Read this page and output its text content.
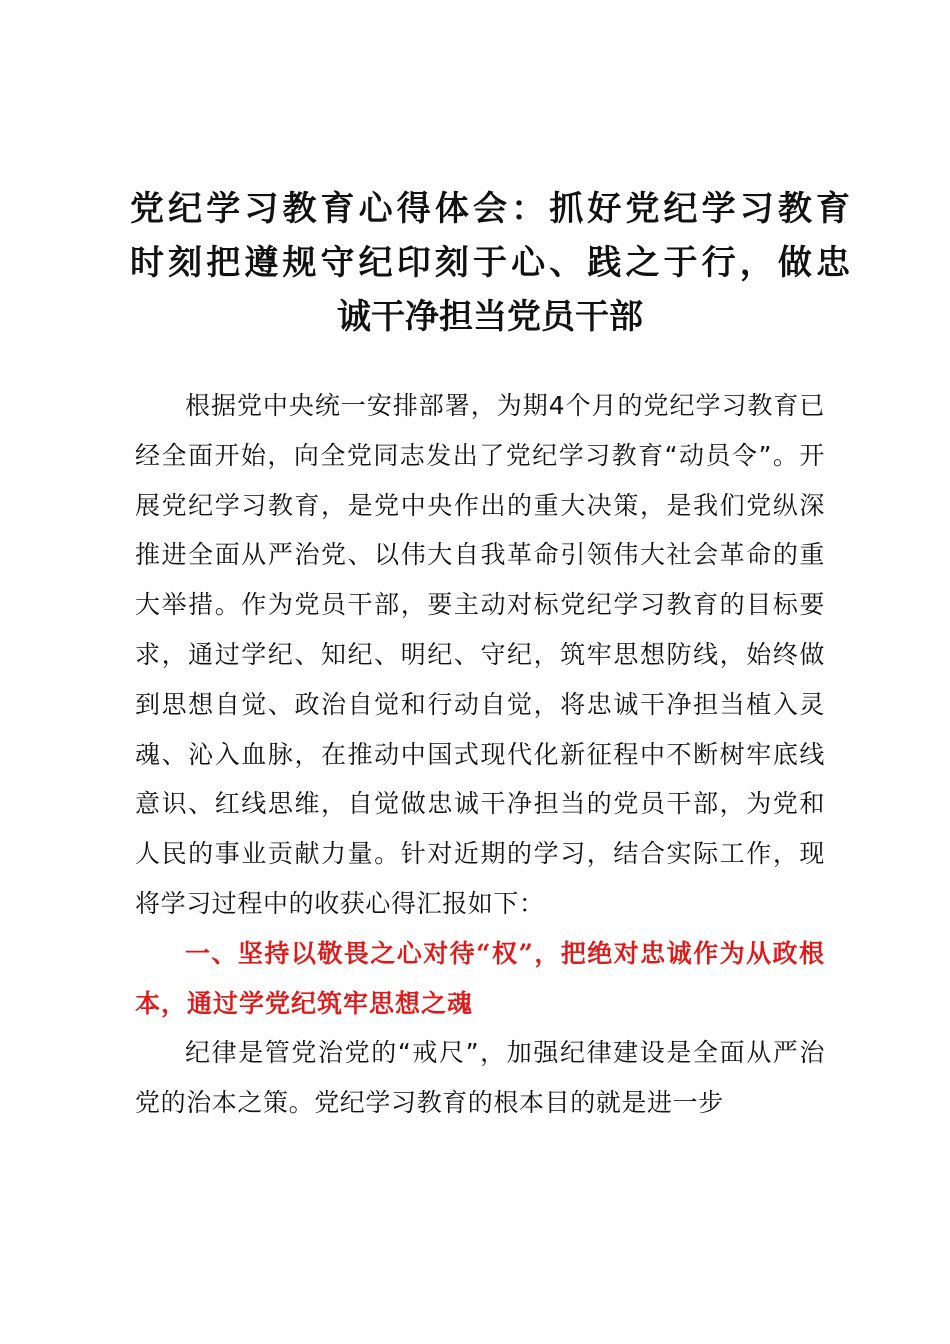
党纪学习教育心得体会：抓好党纪学习教育
时刻把遵规守纪印刻于心、践之于行，做忠
诚干净担当党员干部

根据党中央统一安排部署，为期4个月的党纪学习教育已经全面开始，向全党同志发出了党纪学习教育“动员令”。开展党纪学习教育，是党中央作出的重大决策，是我们党纵深推进全面从严治党、以伟大自我革命引领伟大社会革命的重大举措。作为党员干部，要主动对标党纪学习教育的目标要求，通过学纪、知纪、明纪、守纪，筑牢思想防线，始终做到思想自觉、政治自觉和行动自觉，将忠诚干净担当植入灵魂、沁入血脉，在推动中国式现代化新征程中不断树牢底线意识、红线思维，自觉做忠诚干净担当的党员干部，为党和人民的事业贡献力量。针对近期的学习，结合实际工作，现将学习过程中的收获心得汇报如下：

一、坚持以敬畏之心对待“权”，把绝对忠诚作为从政根本，通过学党纪筑牢思想之魂

纪律是管党治党的“戒尺”，加强纪律建设是全面从严治党的治本之策。党纪学习教育的根本目的就是进一步
